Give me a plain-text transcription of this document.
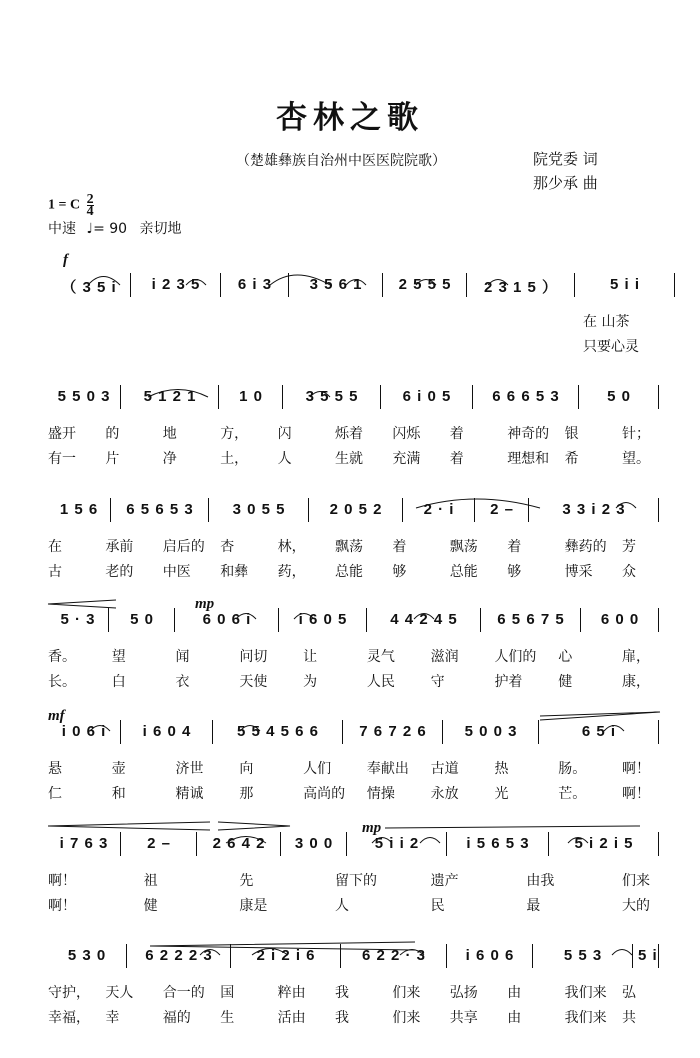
杏林之歌
（楚雄彝族自治州中医医院院歌）	院党委 词
那少承 曲
1 = C $\frac{2}{4}$
中速 ♩= 90 亲切地
f
mp
mf
mp
（ 3 5 i	i 2 3 5	6 i 3	3 5 6 1	2 5 5 5	2 3 1 5 ）	5 i i
在 山茶
只要心灵
5 5 0 3	5 1 2 1	1 0	3 5 5 5	6 i 0 5	6 6 6 5 3	5 0
盛开 的	地	方， 闪	烁着 闪烁 着	神奇的 银	针；
有一 片	净	土， 人	生就 充满 着	理想和 希	望。
1 5 6	6 5 6 5 3	3 0 5 5	2 0 5 2	2 · i	2 –	3 3 i 2 3
在	承前 启后的 杏	林， 飘荡 着	飘荡 着	彝药的 芳
古	老的 中医 和彝 药， 总能 够	总能 够	博采 众
5 · 3	5 0	6 0 6 i	i 6 0 5	4 4 2 4 5	6 5 6 7 5	6 0 0
香。	望	闻	问切	让	灵气	滋润	人们的 心	扉，
长。	白	衣	天使	为	人民	守	护着	健	康，
i 0 6 i	i 6 0 4	5 5 4 5 6 6	7 6 7 2 6	5 0 0 3	6 5 i
悬	壶	济世	向	人们	奉献出 古道	热	肠。	啊！
仁	和	精诚	那	高尚的 情操	永放	光	芒。	啊！
i 7 6 3	2 –	2 6 4 2	3 0 0	5 i i 2	i 5 6 5 3	5 i 2 i 5
啊！	祖	先	留下的	遗产	由我	们来
啊！	健	康是	人	民	最	大的
5 3 0	6 2 2 2 3	2 i 2 i 6	6 2 2 · 3	i 6 0 6	5 5 3	5 i
守护， 天人 合一的 国	粹由 我	们来 弘扬 由	我们来 弘
幸福， 幸	福的 生	活由 我	们来 共享 由	我们来 共
